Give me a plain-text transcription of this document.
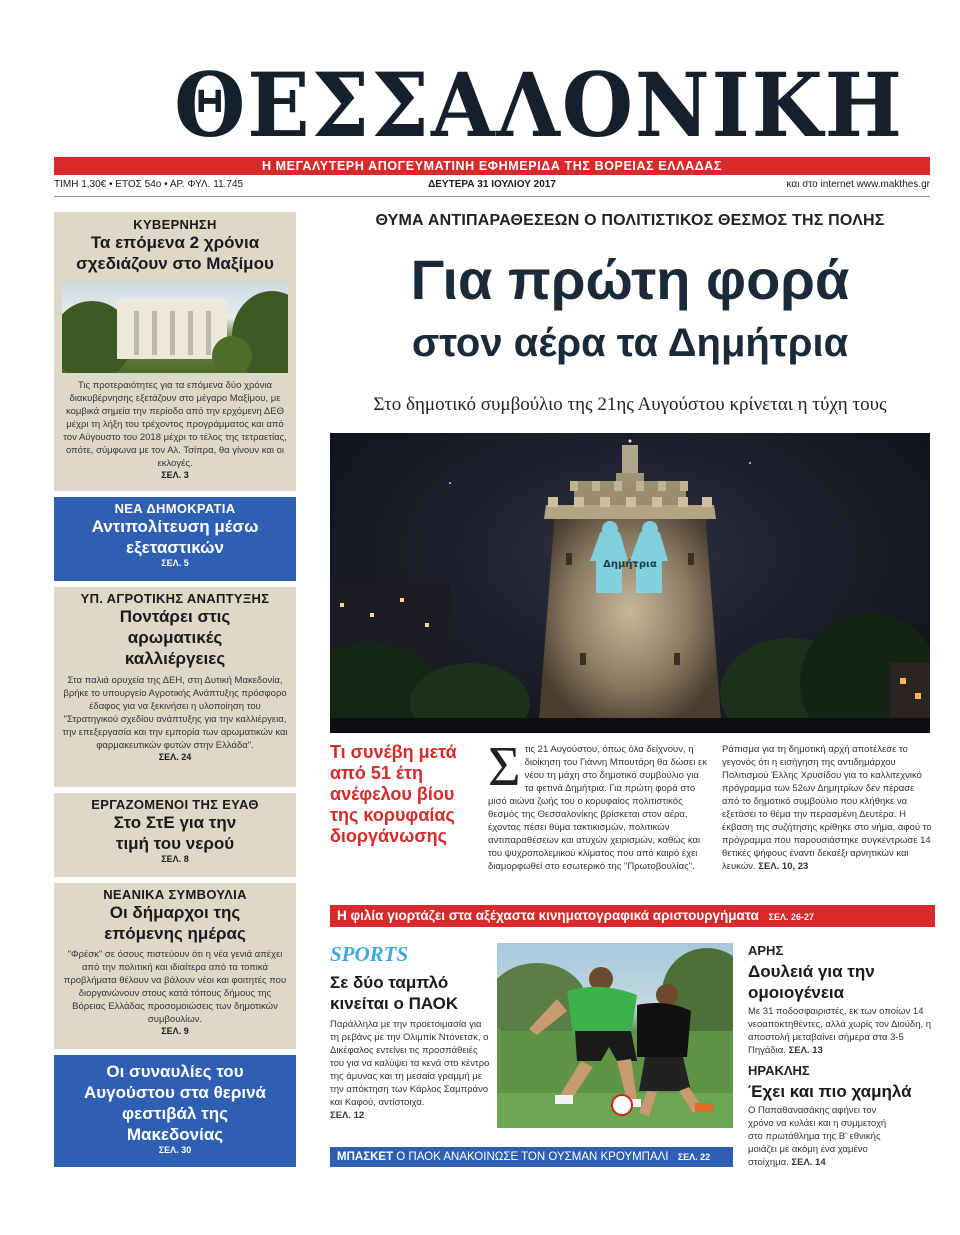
ΘΕΣΣΑΛΟΝΙΚΗ
Η ΜΕΓΑΛΥΤΕΡΗ ΑΠΟΓΕΥΜΑΤΙΝΗ ΕΦΗΜΕΡΙΔΑ ΤΗΣ ΒΟΡΕΙΑΣ ΕΛΛΑΔΑΣ
ΤΙΜΗ 1,30€ • ΕΤΟΣ 54ο • ΑΡ. ΦΥΛ. 11.745	ΔΕΥΤΕΡΑ 31 ΙΟΥΛΙΟΥ 2017	και στο internet www.makthes.gr
ΚΥΒΕΡΝΗΣΗ
Τα επόμενα 2 χρόνια σχεδιάζουν στο Μαξίμου
Τις προτεραιότητες για τα επόμενα δύο χρόνια διακυβέρνησης εξετάζουν στο μέγαρο Μαξίμου, με κομβικά σημεία την περίοδο από την ερχόμενη ΔΕΘ μέχρι τη λήξη του τρέχοντος προγράμματος και από τον Αύγουστο του 2018 μέχρι το τέλος της τετραετίας, οπότε, σύμφωνα με τον Αλ. Τσίπρα, θα γίνουν και οι εκλογές.
ΣΕΛ. 3
ΝΕΑ ΔΗΜΟΚΡΑΤΙΑ
Αντιπολίτευση μέσω εξεταστικών
ΣΕΛ. 5
ΥΠ. ΑΓΡΟΤΙΚΗΣ ΑΝΑΠΤΥΞΗΣ
Ποντάρει στις αρωματικές καλλιέργειες
Στα παλιά ορυχεία της ΔΕΗ, στη Δυτική Μακεδονία, βρήκε το υπουργείο Αγροτικής Ανάπτυξης πρόσφορο έδαφος για να ξεκινήσει η υλοποίηση του "Στρατηγικού σχεδίου ανάπτυξης για την καλλιέργεια, την επεξεργασία και την εμπορία των αρωματικών και φαρμακευτικών φυτών στην Ελλάδα".
ΣΕΛ. 24
ΕΡΓΑΖΟΜΕΝΟΙ ΤΗΣ ΕΥΑΘ
Στο ΣτΕ για την τιμή του νερού
ΣΕΛ. 8
ΝΕΑΝΙΚΑ ΣΥΜΒΟΥΛΙΑ
Οι δήμαρχοι της επόμενης ημέρας
"Φρέσκ" σε όσους πιστεύουν ότι η νέα γενιά απέχει από την πολιτική και ιδιαίτερα από τα τοπικά προβλήματα θέλουν να βάλουν νέοι και φοιτητές που διοργανώνουν στους κατά τόπους δήμους της Βόρειας Ελλάδας προσομοιώσεις των δημοτικών συμβουλίων.
ΣΕΛ. 9
Οι συναυλίες του Αυγούστου στα θερινά φεστιβάλ της Μακεδονίας
ΣΕΛ. 30
ΘΥΜΑ ΑΝΤΙΠΑΡΑΘΕΣΕΩΝ Ο ΠΟΛΙΤΙΣΤΙΚΟΣ ΘΕΣΜΟΣ ΤΗΣ ΠΟΛΗΣ
Για πρώτη φορά
στον αέρα τα Δημήτρια
Στο δημοτικό συμβούλιο της 21ης Αυγούστου κρίνεται η τύχη τους
Δημήτρια
Τι συνέβη μετά από 51 έτη ανέφελου βίου της κορυφαίας διοργάνωσης
Σ τις 21 Αυγούστου, όπως όλα δείχνουν, η διοίκηση του Γιάννη Μπουτάρη θα δώσει εκ νέου τη μάχη στο δημοτικό συμβούλιο για τα φετινά Δημήτρια. Για πρώτη φορά στο μισό αιώνα ζωής του ο κορυφαίος πολιτιστικός θεσμός της Θεσσαλονίκης βρίσκεται στον αέρα, έχοντας πέσει θύμα τακτικισμών, πολιτικών αντιπαραθέσεων και ατυχών χειρισμών, καθώς και του ψυχροπολεμικού κλίματος που από καιρό έχει διαμορφωθεί στο εσωτερικό της "Πρωτοβουλίας".
Ράπισμα για τη δημοτική αρχή αποτέλεσε το γεγονός ότι η εισήγηση της αντιδημάρχου Πολιτισμού Έλλης Χρυσίδου για το καλλιτεχνικό πρόγραμμα των 52ων Δημητρίων δεν πέρασε από το δημοτικό συμβούλιο που κλήθηκε να εξετάσει το θέμα την περασμένη Δευτέρα. Η έκβαση της συζήτησης κρίθηκε στο νήμα, αφού το πρόγραμμα που παρουσιάστηκε συγκέντρωσε 14 θετικές ψήφους έναντι δεκαέξι αρνητικών και λευκών. ΣΕΛ. 10, 23
Η φιλία γιορτάζει στα αξέχαστα κινηματογραφικά αριστουργήματα ΣΕΛ. 26-27
SPORTS
Σε δύο ταμπλό κινείται ο ΠΑΟΚ
Παράλληλα με την προετοιμασία για τη ρεβάνς με την Ολιμπίκ Ντόνετσκ, ο Δικέφαλος εντείνει τις προσπάθειές του για να καλύψει τα κενά στο κέντρο της άμυνας και τη μεσαία γραμμή με την απόκτηση των Κάρλος Σαμπράνο και Καφού, αντίστοιχα.
ΣΕΛ. 12
ΜΠΑΣΚΕΤ Ο ΠΑΟΚ ΑΝΑΚΟΙΝΩΣΕ ΤΟΝ ΟΥΣΜΑΝ ΚΡΟΥΜΠΑΛΙ ΣΕΛ. 22
ΑΡΗΣ
Δουλειά για την ομοιογένεια
Με 31 ποδοσφαιριστές, εκ των οποίων 14 νεοαποκτηθέντες, αλλά χωρίς τον Διούδη, η αποστολή μεταβαίνει σήμερα στα 3-5 Πηγάδια. ΣΕΛ. 13
ΗΡΑΚΛΗΣ
Έχει και πιο χαμηλά
Ο Παπαθανασάκης αφήνει τον χρόνο να κυλάει και η συμμετοχή στο πρωτάθλημα της Β' εθνικής μοιάζει με ακόμη ένα χαμένο στοίχημα. ΣΕΛ. 14
